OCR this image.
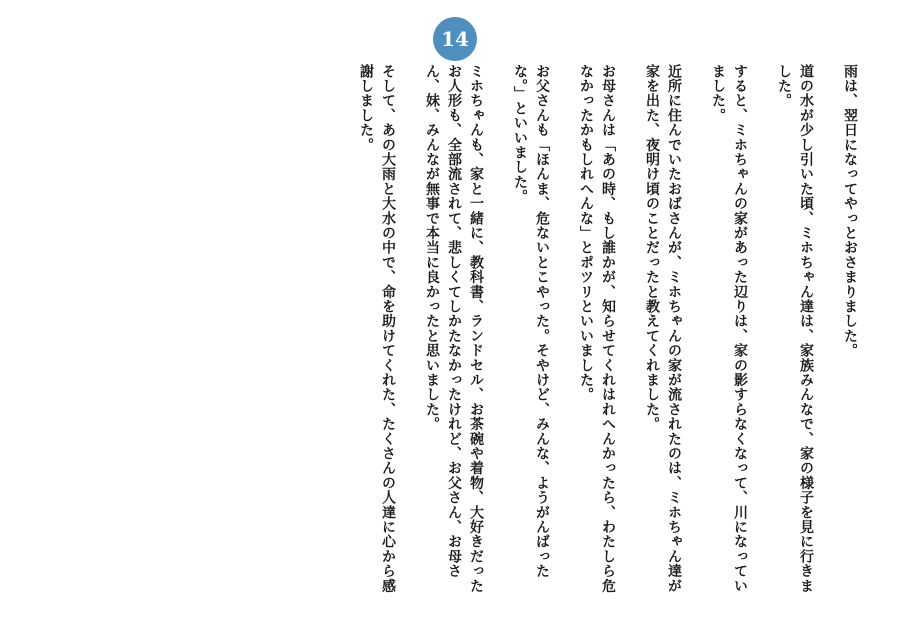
14

雨は、翌日になってやっとおさまりました。

道の水が少し引いた頃、ミホちゃん達は、家族みんなで、家の様子を見に行きました。

すると、ミホちゃんの家があった辺りは、家の影すらなくなって、川になっていました。

近所に住んでいたおばさんが、ミホちゃんの家が流されたのは、ミホちゃん達が家を出た、夜明け頃のことだったと教えてくれました。

お母さんは「あの時、もし誰かが、知らせてくれはれへんかったら、わたしら危なかったかもしれへんな」とポツリといいました。

お父さんも「ほんま、危ないとこやった。そやけど、みんな、ようがんばったな。」といいました。

ミホちゃんも、家と一緒に、教科書、ランドセル、お茶碗や着物、大好きだったお人形も、全部流されて、悲しくてしかたなかったけれど、お父さん、お母さん、妹、みんなが無事で本当に良かったと思いました。

そして、あの大雨と大水の中で、命を助けてくれた、たくさんの人達に心から感謝しました。
